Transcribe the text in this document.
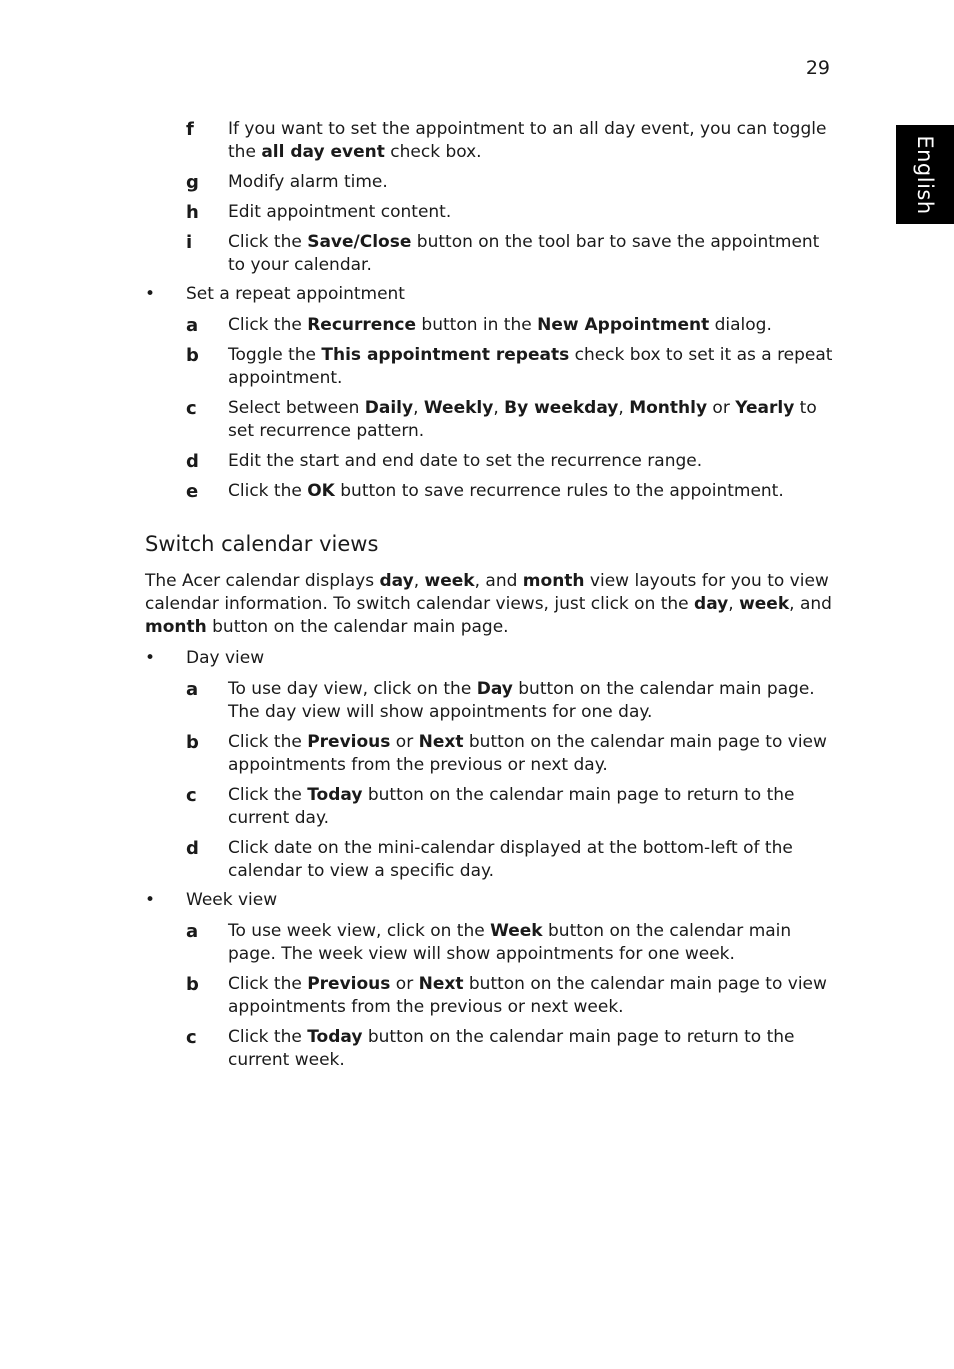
29
English
f If you want to set the appointment to an all day event, you can toggle
the all day event check box.
g Modify alarm time.
h Edit appointment content.
i Click the Save/Close button on the tool bar to save the appointment
to your calendar.
• Set a repeat appointment
a Click the Recurrence button in the New Appointment dialog.
b Toggle the This appointment repeats check box to set it as a repeat
appointment.
c Select between Daily, Weekly, By weekday, Monthly or Yearly to
set recurrence pattern.
d Edit the start and end date to set the recurrence range.
e Click the OK button to save recurrence rules to the appointment.
Switch calendar views
The Acer calendar displays day, week, and month view layouts for you to view
calendar information. To switch calendar views, just click on the day, week, and
month button on the calendar main page.
• Day view
a To use day view, click on the Day button on the calendar main page.
The day view will show appointments for one day.
b Click the Previous or Next button on the calendar main page to view
appointments from the previous or next day.
c Click the Today button on the calendar main page to return to the
current day.
d Click date on the mini-calendar displayed at the bottom-left of the
calendar to view a specific day.
• Week view
a To use week view, click on the Week button on the calendar main
page. The week view will show appointments for one week.
b Click the Previous or Next button on the calendar main page to view
appointments from the previous or next week.
c Click the Today button on the calendar main page to return to the
current week.
